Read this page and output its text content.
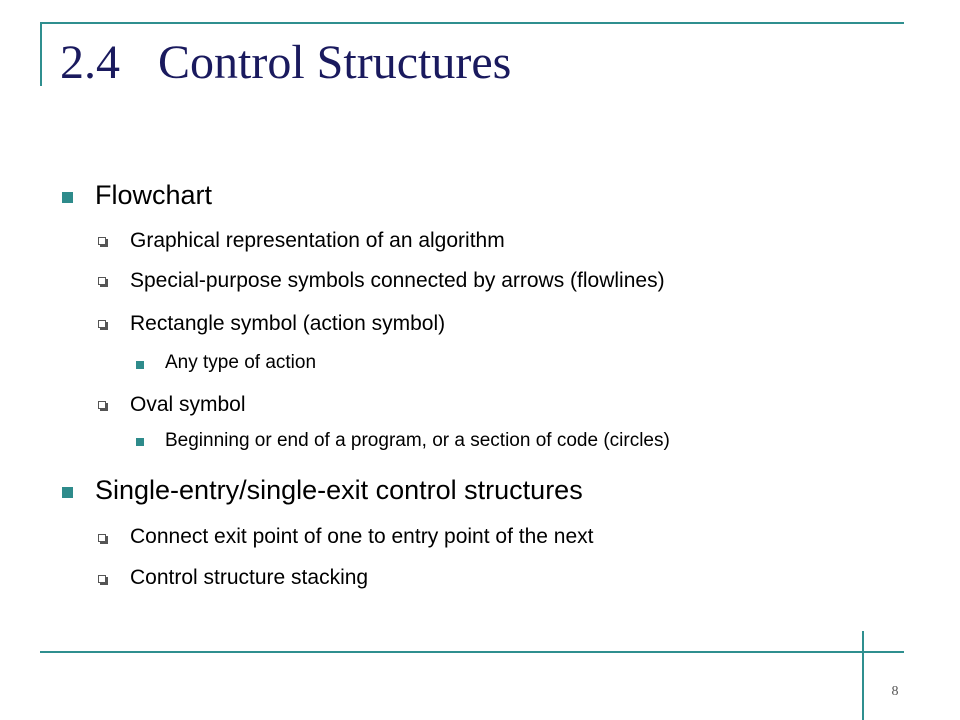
2.4 Control Structures
Flowchart
Graphical representation of an algorithm
Special-purpose symbols connected by arrows (flowlines)
Rectangle symbol (action symbol)
Any type of action
Oval symbol
Beginning or end of a program, or a section of code (circles)
Single-entry/single-exit control structures
Connect exit point of one to entry point of the next
Control structure stacking
8
